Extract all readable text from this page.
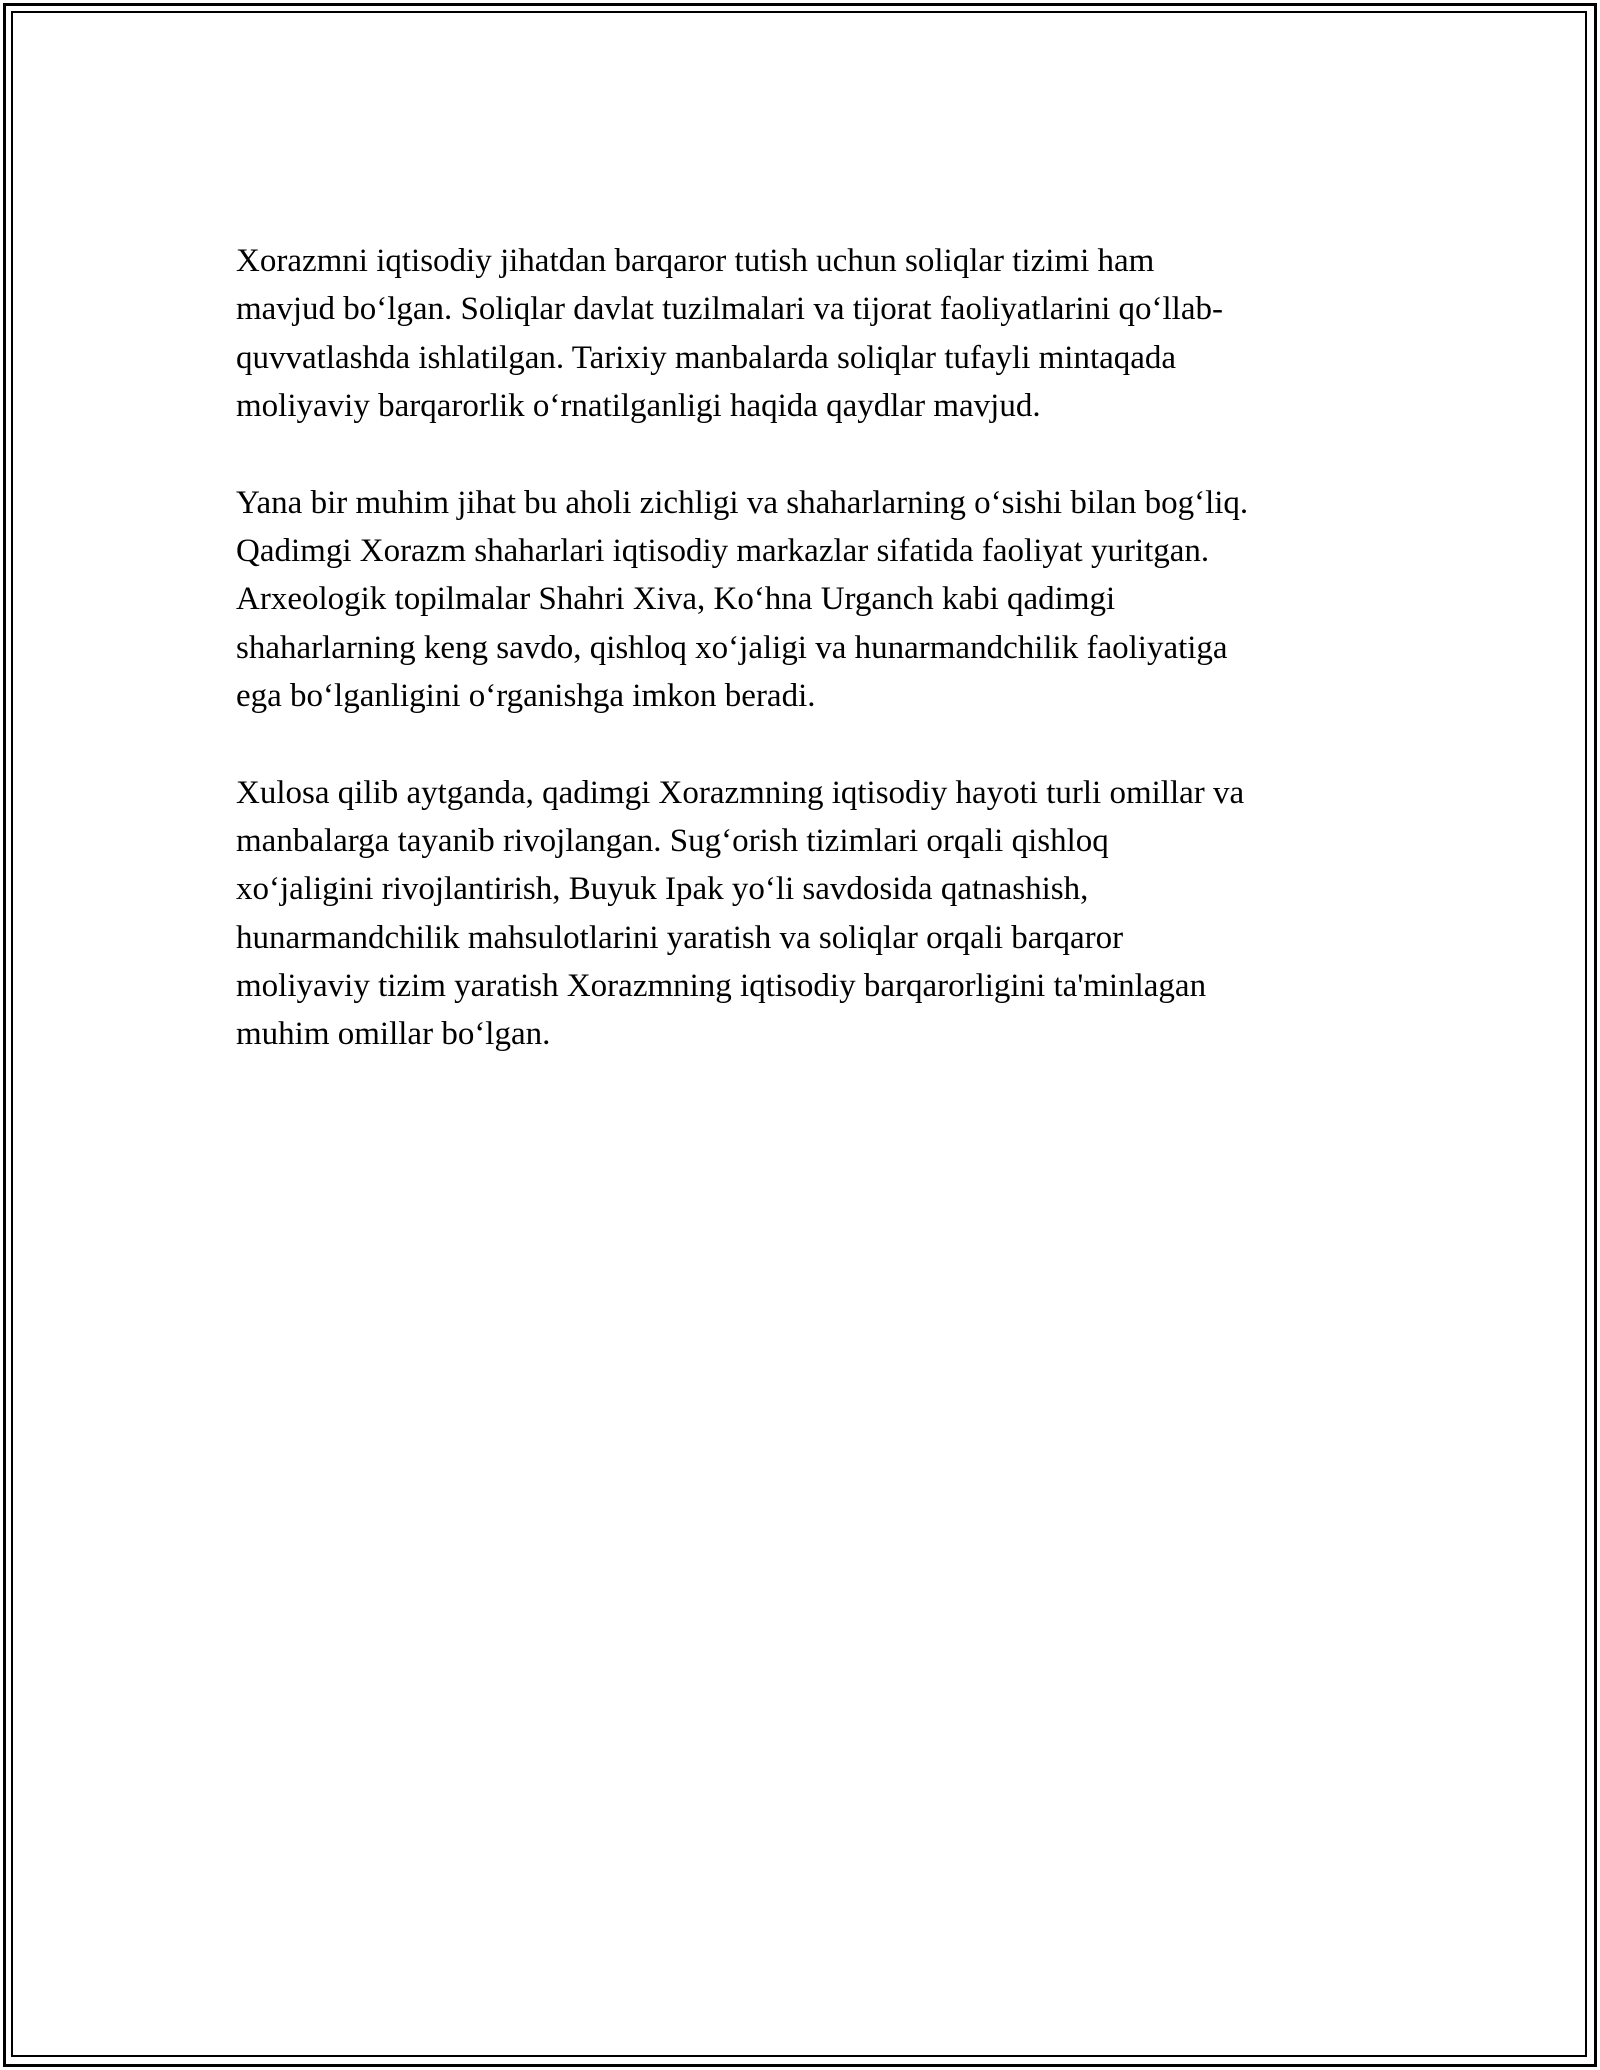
Xorazmni iqtisodiy jihatdan barqaror tutish uchun soliqlar tizimi ham
mavjud bo‘lgan. Soliqlar davlat tuzilmalari va tijorat faoliyatlarini qo‘llab-
quvvatlashda ishlatilgan. Tarixiy manbalarda soliqlar tufayli mintaqada
moliyaviy barqarorlik o‘rnatilganligi haqida qaydlar mavjud.

Yana bir muhim jihat bu aholi zichligi va shaharlarning o‘sishi bilan bog‘liq.
Qadimgi Xorazm shaharlari iqtisodiy markazlar sifatida faoliyat yuritgan.
Arxeologik topilmalar Shahri Xiva, Ko‘hna Urganch kabi qadimgi
shaharlarning keng savdo, qishloq xo‘jaligi va hunarmandchilik faoliyatiga
ega bo‘lganligini o‘rganishga imkon beradi.

Xulosa qilib aytganda, qadimgi Xorazmning iqtisodiy hayoti turli omillar va
manbalarga tayanib rivojlangan. Sug‘orish tizimlari orqali qishloq
xo‘jaligini rivojlantirish, Buyuk Ipak yo‘li savdosida qatnashish,
hunarmandchilik mahsulotlarini yaratish va soliqlar orqali barqaror
moliyaviy tizim yaratish Xorazmning iqtisodiy barqarorligini ta'minlagan
muhim omillar bo‘lgan.
